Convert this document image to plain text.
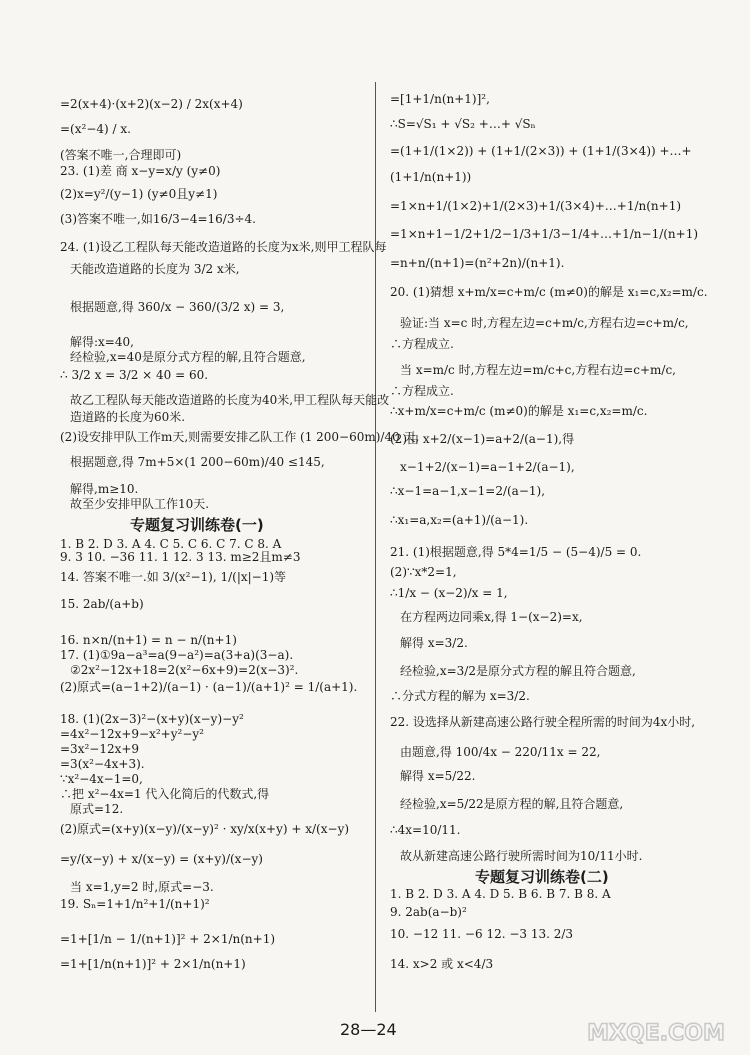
=2(x+4)·(x+2)(x−2) / 2x(x+4)
=(x²−4) / x.
(答案不唯一,合理即可)
23. (1)差 商 x−y=x/y (y≠0)
(2)x=y²/(y−1) (y≠0且y≠1)
(3)答案不唯一,如16/3−4=16/3÷4.
24. (1)设乙工程队每天能改造道路的长度为x米,则甲工程队每
天能改造道路的长度为 3/2 x米,
根据题意,得 360/x − 360/(3/2 x) = 3,
解得:x=40,
经检验,x=40是原分式方程的解,且符合题意,
∴ 3/2 x = 3/2 × 40 = 60.
故乙工程队每天能改造道路的长度为40米,甲工程队每天能改
造道路的长度为60米.
(2)设安排甲队工作m天,则需要安排乙队工作 (1 200−60m)/40 天,
根据题意,得 7m+5×(1 200−60m)/40 ≤145,
解得,m≥10.
故至少安排甲队工作10天.
1. B 2. D 3. A 4. C 5. C 6. C 7. C 8. A
9. 3 10. −36 11. 1 12. 3 13. m≥2且m≠3
14. 答案不唯一.如 3/(x²−1), 1/(|x|−1)等
15. 2ab/(a+b)
16. n×n/(n+1) = n − n/(n+1)
17. (1)①9a−a³=a(9−a²)=a(3+a)(3−a).
②2x²−12x+18=2(x²−6x+9)=2(x−3)².
(2)原式=(a−1+2)/(a−1) · (a−1)/(a+1)² = 1/(a+1).
18. (1)(2x−3)²−(x+y)(x−y)−y²
=4x²−12x+9−x²+y²−y²
=3x²−12x+9
=3(x²−4x+3).
∵x²−4x−1=0,
∴把 x²−4x=1 代入化简后的代数式,得
原式=12.
(2)原式=(x+y)(x−y)/(x−y)² · xy/x(x+y) + x/(x−y)
=y/(x−y) + x/(x−y) = (x+y)/(x−y)
当 x=1,y=2 时,原式=−3.
19. Sₙ=1+1/n²+1/(n+1)²
=1+[1/n − 1/(n+1)]² + 2×1/n(n+1)
=1+[1/n(n+1)]² + 2×1/n(n+1)
专题复习训练卷(一)
=[1+1/n(n+1)]²,
∴S=√S₁ + √S₂ +…+ √Sₙ
=(1+1/(1×2)) + (1+1/(2×3)) + (1+1/(3×4)) +…+
(1+1/n(n+1))
=1×n+1/(1×2)+1/(2×3)+1/(3×4)+…+1/n(n+1)
=1×n+1−1/2+1/2−1/3+1/3−1/4+…+1/n−1/(n+1)
=n+n/(n+1)=(n²+2n)/(n+1).
20. (1)猜想 x+m/x=c+m/c (m≠0)的解是 x₁=c,x₂=m/c.
验证:当 x=c 时,方程左边=c+m/c,方程右边=c+m/c,
∴方程成立.
当 x=m/c 时,方程左边=m/c+c,方程右边=c+m/c,
∴方程成立.
∴x+m/x=c+m/c (m≠0)的解是 x₁=c,x₂=m/c.
(2)由 x+2/(x−1)=a+2/(a−1),得
x−1+2/(x−1)=a−1+2/(a−1),
∴x−1=a−1,x−1=2/(a−1),
∴x₁=a,x₂=(a+1)/(a−1).
21. (1)根据题意,得 5*4=1/5 − (5−4)/5 = 0.
(2)∵x*2=1,
∴1/x − (x−2)/x = 1,
在方程两边同乘x,得 1−(x−2)=x,
解得 x=3/2.
经检验,x=3/2是原分式方程的解且符合题意,
∴分式方程的解为 x=3/2.
22. 设选择从新建高速公路行驶全程所需的时间为4x小时,
由题意,得 100/4x − 220/11x = 22,
解得 x=5/22.
经检验,x=5/22是原方程的解,且符合题意,
∴4x=10/11.
故从新建高速公路行驶所需时间为10/11小时.
1. B 2. D 3. A 4. D 5. B 6. B 7. B 8. A
9. 2ab(a−b)²
10. −12 11. −6 12. −3 13. 2/3
14. x>2 或 x<4/3
专题复习训练卷(二)
28—24	MXQE.COM
